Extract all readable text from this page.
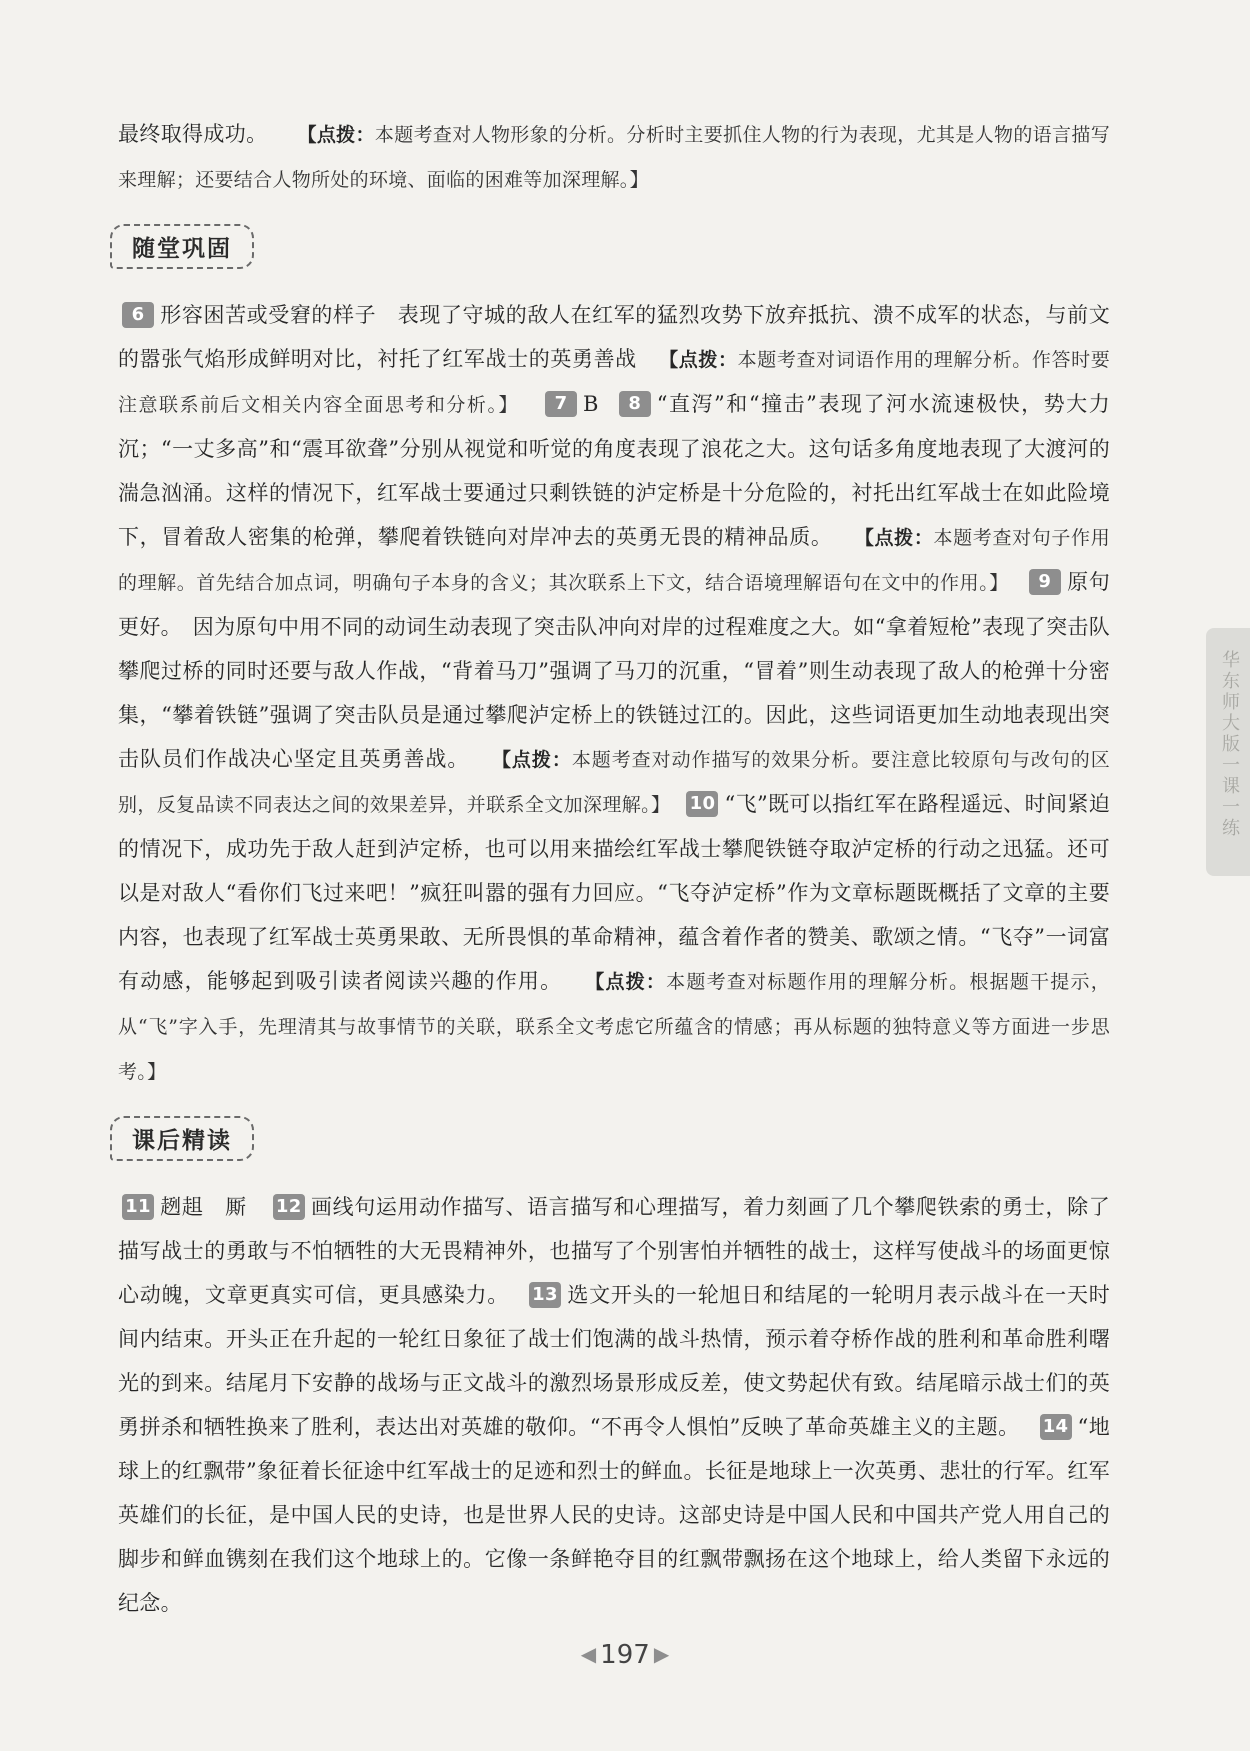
最终取得成功。 【点拨：本题考查对人物形象的分析。分析时主要抓住人物的行为表现，尤其是人物的语言描写来理解；还要结合人物所处的环境、面临的困难等加深理解。】

随堂巩固

6 形容困苦或受窘的样子　表现了守城的敌人在红军的猛烈攻势下放弃抵抗、溃不成军的状态，与前文的嚣张气焰形成鲜明对比，衬托了红军战士的英勇善战 【点拨：本题考查对词语作用的理解分析。作答时要注意联系前后文相关内容全面思考和分析。】 7 B 8 “直泻”和“撞击”表现了河水流速极快，势大力沉；“一丈多高”和“震耳欲聋”分别从视觉和听觉的角度表现了浪花之大。这句话多角度地表现了大渡河的湍急汹涌。这样的情况下，红军战士要通过只剩铁链的泸定桥是十分危险的，衬托出红军战士在如此险境下，冒着敌人密集的枪弹，攀爬着铁链向对岸冲去的英勇无畏的精神品质。 【点拨：本题考查对句子作用的理解。首先结合加点词，明确句子本身的含义；其次联系上下文，结合语境理解语句在文中的作用。】 9 原句更好。　因为原句中用不同的动词生动表现了突击队冲向对岸的过程难度之大。如“拿着短枪”表现了突击队攀爬过桥的同时还要与敌人作战，“背着马刀”强调了马刀的沉重，“冒着”则生动表现了敌人的枪弹十分密集，“攀着铁链”强调了突击队员是通过攀爬泸定桥上的铁链过江的。因此，这些词语更加生动地表现出突击队员们作战决心坚定且英勇善战。 【点拨：本题考查对动作描写的效果分析。要注意比较原句与改句的区别，反复品读不同表达之间的效果差异，并联系全文加深理解。】 10 “飞”既可以指红军在路程遥远、时间紧迫的情况下，成功先于敌人赶到泸定桥，也可以用来描绘红军战士攀爬铁链夺取泸定桥的行动之迅猛。还可以是对敌人“看你们飞过来吧！”疯狂叫嚣的强有力回应。“飞夺泸定桥”作为文章标题既概括了文章的主要内容，也表现了红军战士英勇果敢、无所畏惧的革命精神，蕴含着作者的赞美、歌颂之情。“飞夺”一词富有动感，能够起到吸引读者阅读兴趣的作用。 【点拨：本题考查对标题作用的理解分析。根据题干提示，从“飞”字入手，先理清其与故事情节的关联，联系全文考虑它所蕴含的情感；再从标题的独特意义等方面进一步思考。】

课后精读

11 趔趄　厮 12 画线句运用动作描写、语言描写和心理描写，着力刻画了几个攀爬铁索的勇士，除了描写战士的勇敢与不怕牺牲的大无畏精神外，也描写了个别害怕并牺牲的战士，这样写使战斗的场面更惊心动魄，文章更真实可信，更具感染力。 13 选文开头的一轮旭日和结尾的一轮明月表示战斗在一天时间内结束。开头正在升起的一轮红日象征了战士们饱满的战斗热情，预示着夺桥作战的胜利和革命胜利曙光的到来。结尾月下安静的战场与正文战斗的激烈场景形成反差，使文势起伏有致。结尾暗示战士们的英勇拼杀和牺牲换来了胜利，表达出对英雄的敬仰。“不再令人惧怕”反映了革命英雄主义的主题。 14 “地球上的红飘带”象征着长征途中红军战士的足迹和烈士的鲜血。长征是地球上一次英勇、悲壮的行军。红军英雄们的长征，是中国人民的史诗，也是世界人民的史诗。这部史诗是中国人民和中国共产党人用自己的脚步和鲜血镌刻在我们这个地球上的。它像一条鲜艳夺目的红飘带飘扬在这个地球上，给人类留下永远的纪念。

华东师大版一课一练
◀ 197 ▶
